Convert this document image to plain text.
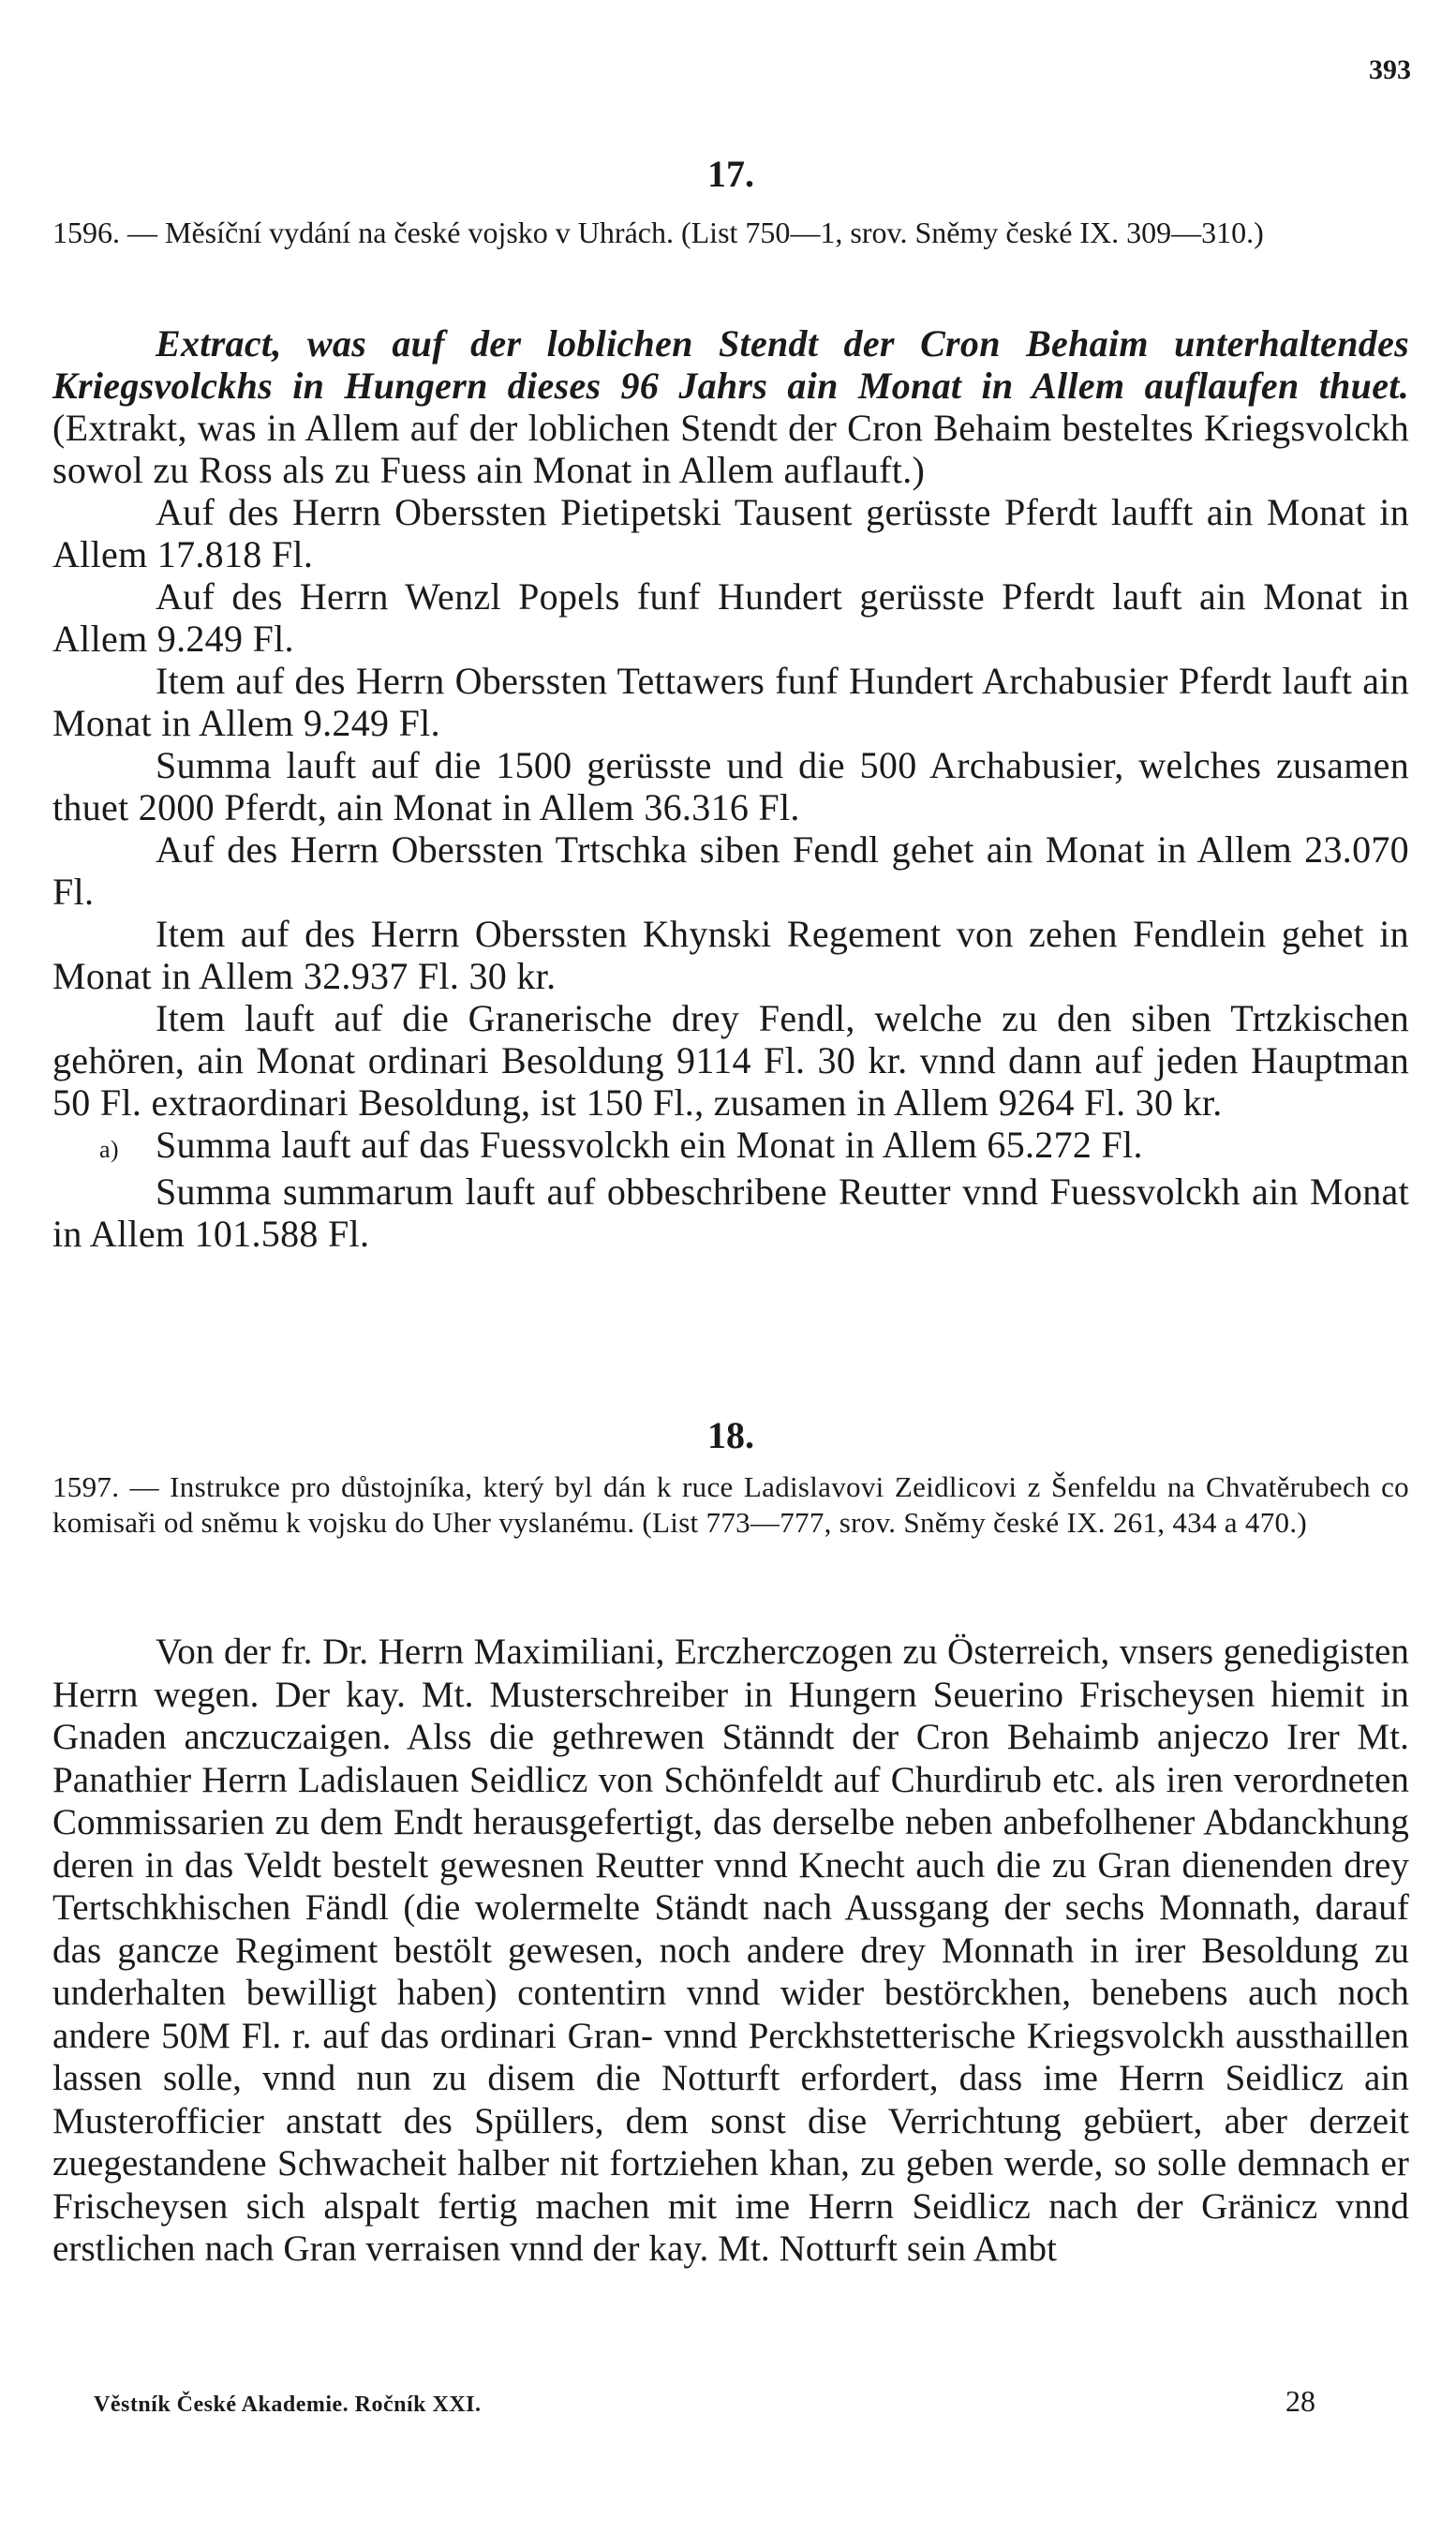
393
17.
1596. — Měsíční vydání na české vojsko v Uhrách. (List 750—1, srov. Sněmy české IX. 309—310.)

Extract, was auf der loblichen Stendt der Cron Behaim unterhaltendes Kriegsvolckhs in Hungern dieses 96 Jahrs ain Monat in Allem auflaufen thuet. (Extrakt, was in Allem auf der loblichen Stendt der Cron Behaim besteltes Kriegsvolckh sowol zu Ross als zu Fuess ain Monat in Allem auflauft.)

Auf des Herrn Oberssten Pietipetski Tausent gerüsste Pferdt laufft ain Monat in Allem 17.818 Fl.

Auf des Herrn Wenzl Popels funf Hundert gerüsste Pferdt lauft ain Monat in Allem 9.249 Fl.

Item auf des Herrn Oberssten Tettawers funf Hundert Archabusier Pferdt lauft ain Monat in Allem 9.249 Fl.

Summa lauft auf die 1500 gerüsste und die 500 Archabusier, welches zusamen thuet 2000 Pferdt, ain Monat in Allem 36.316 Fl.

Auf des Herrn Oberssten Trtschka siben Fendl gehet ain Monat in Allem 23.070 Fl.

Item auf des Herrn Oberssten Khynski Regement von zehen Fendlein gehet in Monat in Allem 32.937 Fl. 30 kr.

Item lauft auf die Granerische drey Fendl, welche zu den siben Trtzkischen gehören, ain Monat ordinari Besoldung 9114 Fl. 30 kr. vnnd dann auf jeden Hauptman 50 Fl. extraordinari Besoldung, ist 150 Fl., zusamen in Allem 9264 Fl. 30 kr.

a) Summa lauft auf das Fuessvolckh ein Monat in Allem 65.272 Fl.

Summa summarum lauft auf obbeschribene Reutter vnnd Fuessvolckh ain Monat in Allem 101.588 Fl.

18.
1597. — Instrukce pro důstojníka, který byl dán k ruce Ladislavovi Zeidlicovi z Šenfeldu na Chvatěrubech co komisaři od sněmu k vojsku do Uher vyslanému. (List 773—777, srov. Sněmy české IX. 261, 434 a 470.)

Von der fr. Dr. Herrn Maximiliani, Erczherczogen zu Österreich, vnsers genedigisten Herrn wegen. Der kay. Mt. Musterschreiber in Hungern Seuerino Frischeysen hiemit in Gnaden anczuczaigen. Alss die gethrewen Stänndt der Cron Behaimb anjeczo Irer Mt. Panathier Herrn Ladislauen Seidlicz von Schönfeldt auf Churdirub etc. als iren verordneten Commissarien zu dem Endt herausgefertigt, das derselbe neben anbefolhener Abdanckhung deren in das Veldt bestelt gewesnen Reutter vnnd Knecht auch die zu Gran dienenden drey Tertschkhischen Fändl (die wolermelte Ständt nach Aussgang der sechs Monnath, darauf das gancze Regiment bestölt gewesen, noch andere drey Monnath in irer Besoldung zu underhalten bewilligt haben) contentirn vnnd wider bestörckhen, benebens auch noch andere 50M Fl. r. auf das ordinari Gran- vnnd Perckhstetterische Kriegsvolckh aussthaillen lassen solle, vnnd nun zu disem die Notturft erfordert, dass ime Herrn Seidlicz ain Musterofficier anstatt des Spüllers, dem sonst dise Verrichtung gebüert, aber derzeit zuegestandene Schwacheit halber nit fortziehen khan, zu geben werde, so solle demnach er Frischeysen sich alspalt fertig machen mit ime Herrn Seidlicz nach der Gränicz vnnd erstlichen nach Gran verraisen vnnd der kay. Mt. Notturft sein Ambt

Věstník České Akademie. Ročník XXI.	28
